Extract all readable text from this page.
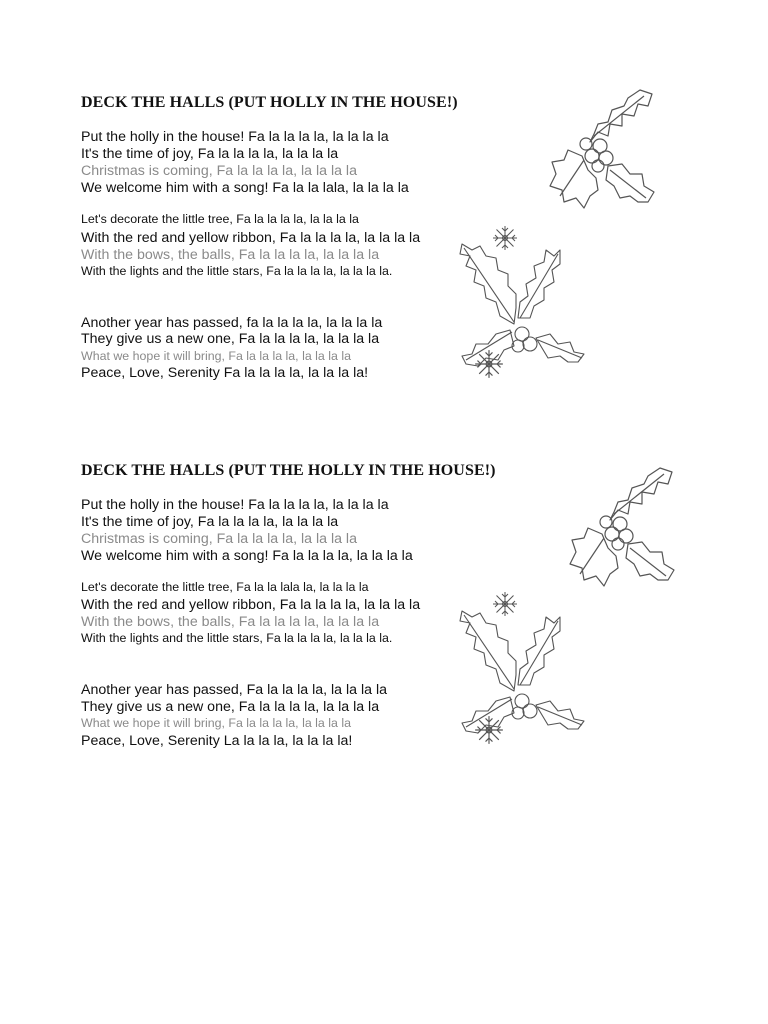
DECK THE HALLS (PUT HOLLY IN THE HOUSE!)
Put the holly in the house! Fa la la la la, la la la la
It's the time of joy, Fa la la la la, la la la la
Christmas is coming, Fa la la la la, la la la la
We welcome him with a song! Fa la la lala, la la la la
Let's decorate the little tree, Fa la la la la, la la la la
With the red and yellow ribbon, Fa la la la la, la la la la
With the bows, the balls, Fa la la la la, la la la la
With the lights and the little stars, Fa la la la la, la la la la.
Another year has passed, fa la la la la, la la la la
They give us a new one, Fa la la la la, la la la la
What we hope it will bring, Fa la la la la, la la la la
Peace, Love, Serenity Fa la la la la, la la la la!
DECK THE HALLS (PUT THE HOLLY IN THE HOUSE!)
Put the holly in the house! Fa la la la la, la la la la
It's the time of joy, Fa la la la la, la la la la
Christmas is coming, Fa la la la la, la la la la
We welcome him with a song! Fa la la la la, la la la la
Let's decorate the little tree, Fa la la lala la, la la la la
With the red and yellow ribbon, Fa la la la la, la la la la
With the bows, the balls, Fa la la la la, la la la la
With the lights and the little stars, Fa la la la la, la la la la.
Another year has passed, Fa la la la la, la la la la
They give us a new one, Fa la la la la, la la la la
What we hope it will bring, Fa la la la la, la la la la
Peace, Love, Serenity La la la la, la la la la!
